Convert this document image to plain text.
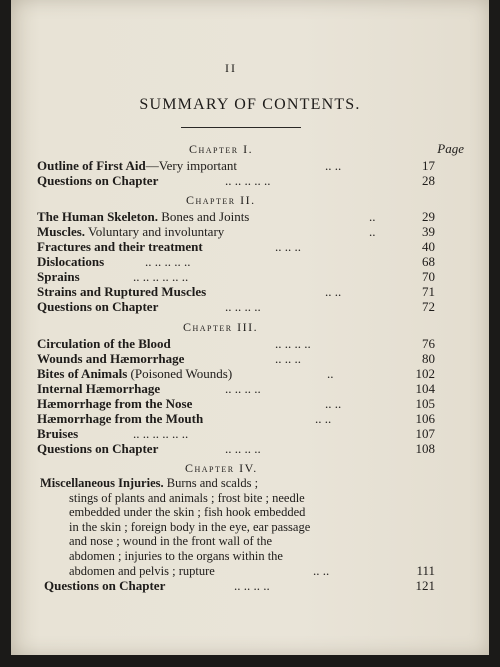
II
SUMMARY OF CONTENTS.
Chapter I.	Page
Outline of First Aid—Very important	.. ..	17
Questions on Chapter	.. .. .. .. ..	28
Chapter II.
The Human Skeleton. Bones and Joints	..	29
Muscles. Voluntary and involuntary	..	39
Fractures and their treatment	.. .. ..	40
Dislocations	.. .. .. .. ..	68
Sprains	.. .. .. .. .. ..	70
Strains and Ruptured Muscles	.. ..	71
Questions on Chapter	.. .. .. ..	72
Chapter III.
Circulation of the Blood	.. .. .. ..	76
Wounds and Hæmorrhage	.. .. ..	80
Bites of Animals (Poisoned Wounds)	..	102
Internal Hæmorrhage	.. .. .. ..	104
Hæmorrhage from the Nose	.. ..	105
Hæmorrhage from the Mouth	.. ..	106
Bruises	.. .. .. .. .. ..	107
Questions on Chapter	.. .. .. ..	108
Chapter IV.
Miscellaneous Injuries. Burns and scalds ;
stings of plants and animals ; frost bite ; needle
embedded under the skin ; fish hook embedded
in the skin ; foreign body in the eye, ear passage
and nose ; wound in the front wall of the
abdomen ; injuries to the organs within the
abdomen and pelvis ; rupture	.. ..	111
Questions on Chapter	.. .. .. ..	121
